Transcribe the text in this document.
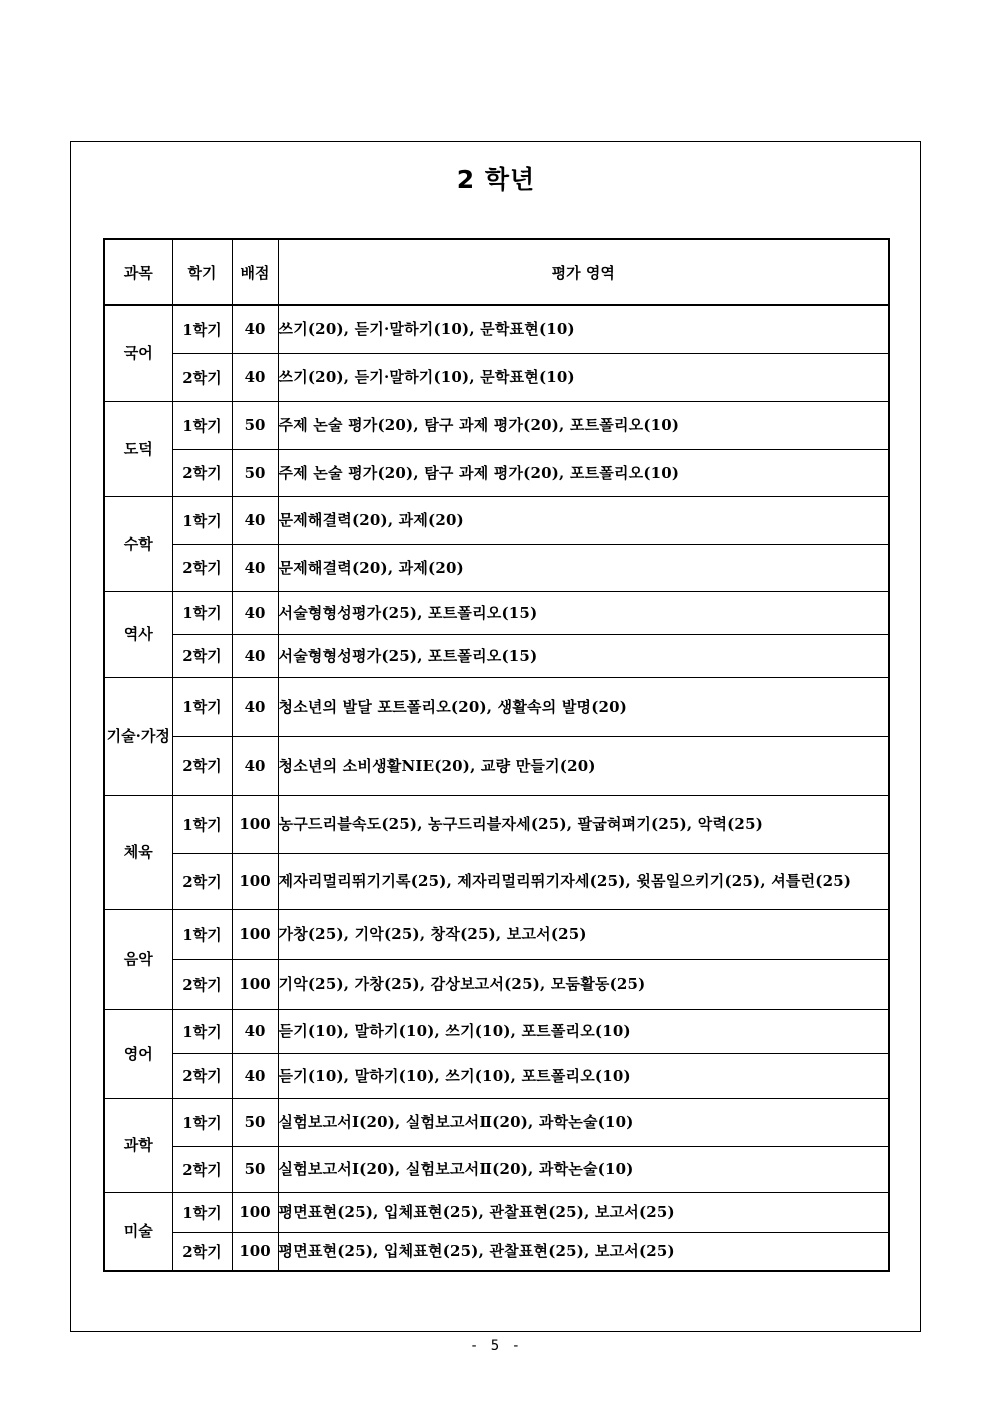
2 학년
과목	학기	배점	평가 영역
국어	1학기	40	쓰기(20), 듣기·말하기(10), 문학표현(10)
	2학기	40	쓰기(20), 듣기·말하기(10), 문학표현(10)
도덕	1학기	50	주제 논술 평가(20), 탐구 과제 평가(20), 포트폴리오(10)
	2학기	50	주제 논술 평가(20), 탐구 과제 평가(20), 포트폴리오(10)
수학	1학기	40	문제해결력(20), 과제(20)
	2학기	40	문제해결력(20), 과제(20)
역사	1학기	40	서술형형성평가(25), 포트폴리오(15)
	2학기	40	서술형형성평가(25), 포트폴리오(15)
기술·가정	1학기	40	청소년의 발달 포트폴리오(20), 생활속의 발명(20)
	2학기	40	청소년의 소비생활NIE(20), 교량 만들기(20)
체육	1학기	100	농구드리블속도(25), 농구드리블자세(25), 팔굽혀펴기(25), 악력(25)
	2학기	100	제자리멀리뛰기기록(25), 제자리멀리뛰기자세(25), 윗몸일으키기(25), 셔틀런(25)
음악	1학기	100	가창(25), 기악(25), 창작(25), 보고서(25)
	2학기	100	기악(25), 가창(25), 감상보고서(25), 모둠활동(25)
영어	1학기	40	듣기(10), 말하기(10), 쓰기(10), 포트폴리오(10)
	2학기	40	듣기(10), 말하기(10), 쓰기(10), 포트폴리오(10)
과학	1학기	50	실험보고서Ⅰ(20), 실험보고서Ⅱ(20), 과학논술(10)
	2학기	50	실험보고서Ⅰ(20), 실험보고서Ⅱ(20), 과학논술(10)
미술	1학기	100	평면표현(25), 입체표현(25), 관찰표현(25), 보고서(25)
	2학기	100	평면표현(25), 입체표현(25), 관찰표현(25), 보고서(25)
- 5 -
